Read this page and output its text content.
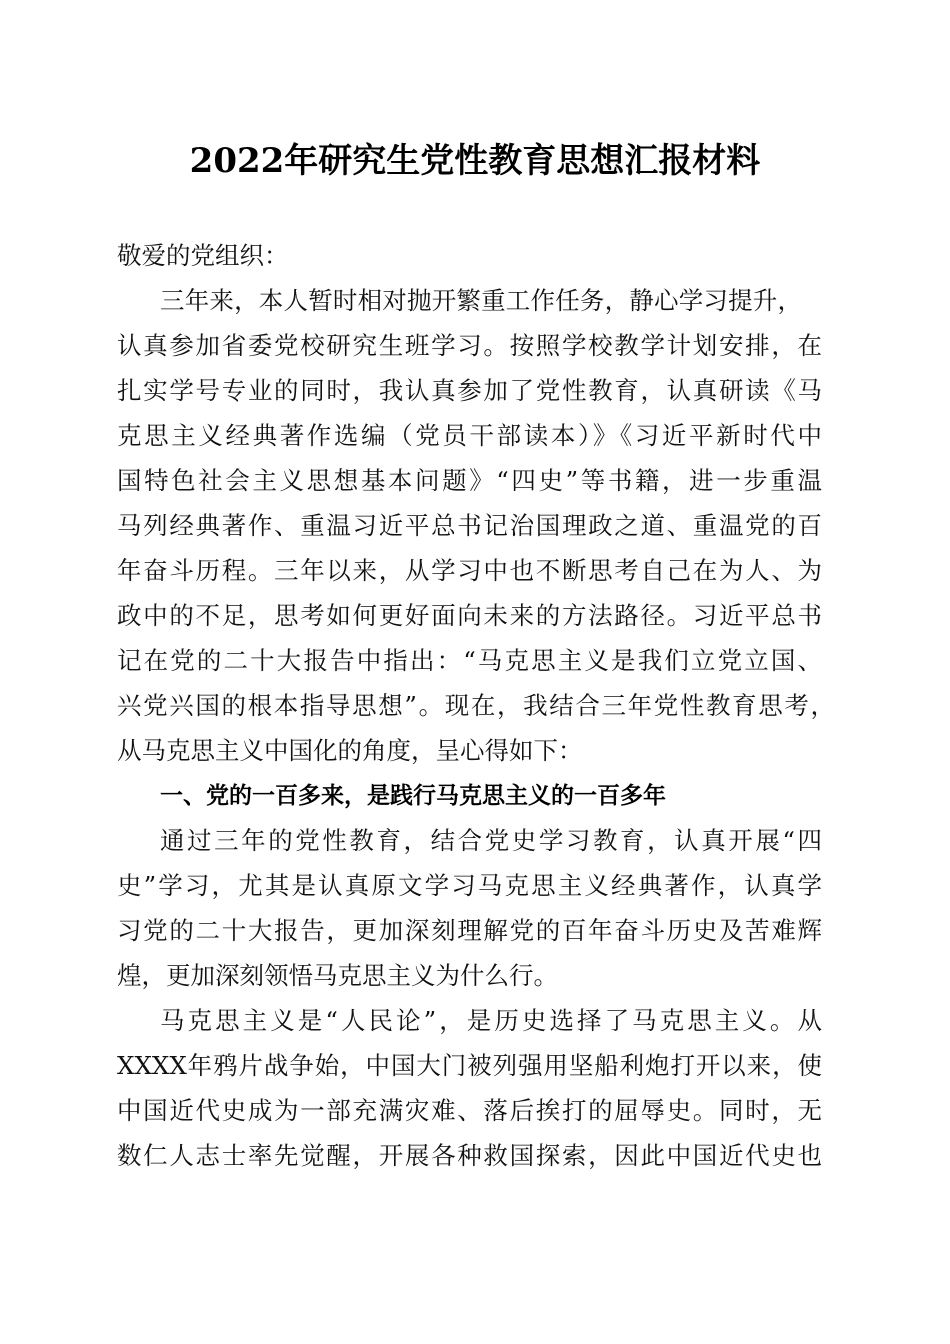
2022年研究生党性教育思想汇报材料
敬爱的党组织：
三年来，本人暂时相对抛开繁重工作任务，静心学习提升，
认真参加省委党校研究生班学习。按照学校教学计划安排，在
扎实学号专业的同时，我认真参加了党性教育，认真研读《马
克思主义经典著作选编（党员干部读本）》《习近平新时代中
国特色社会主义思想基本问题》“四史”等书籍，进一步重温
马列经典著作、重温习近平总书记治国理政之道、重温党的百
年奋斗历程。三年以来，从学习中也不断思考自己在为人、为
政中的不足，思考如何更好面向未来的方法路径。习近平总书
记在党的二十大报告中指出：“马克思主义是我们立党立国、
兴党兴国的根本指导思想”。现在，我结合三年党性教育思考，
从马克思主义中国化的角度，呈心得如下：
一、党的一百多来，是践行马克思主义的一百多年
通过三年的党性教育，结合党史学习教育，认真开展“四
史”学习，尤其是认真原文学习马克思主义经典著作，认真学
习党的二十大报告，更加深刻理解党的百年奋斗历史及苦难辉
煌，更加深刻领悟马克思主义为什么行。
马克思主义是“人民论”，是历史选择了马克思主义。从
XXXX年鸦片战争始，中国大门被列强用坚船利炮打开以来，使
中国近代史成为一部充满灾难、落后挨打的屈辱史。同时，无
数仁人志士率先觉醒，开展各种救国探索，因此中国近代史也
